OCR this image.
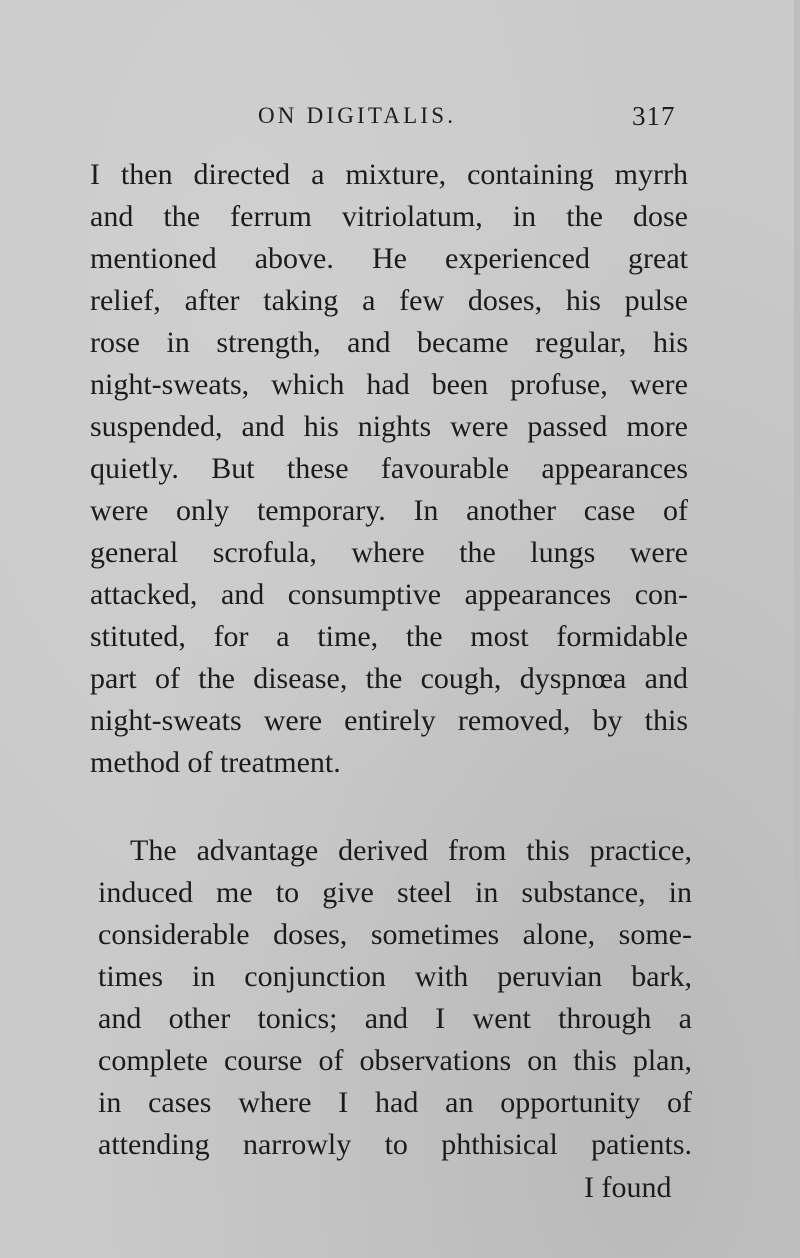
ON DIGITALIS.	317
I then directed a mixture, containing myrrh
and the ferrum vitriolatum, in the dose
mentioned above. He experienced great
relief, after taking a few doses, his pulse
rose in strength, and became regular, his
night-sweats, which had been profuse, were
suspended, and his nights were passed more
quietly. But these favourable appearances
were only temporary. In another case of
general scrofula, where the lungs were
attacked, and consumptive appearances con-
stituted, for a time, the most formidable
part of the disease, the cough, dyspnœa and
night-sweats were entirely removed, by this
method of treatment.
The advantage derived from this practice,
induced me to give steel in substance, in
considerable doses, sometimes alone, some-
times in conjunction with peruvian bark,
and other tonics; and I went through a
complete course of observations on this plan,
in cases where I had an opportunity of
attending narrowly to phthisical patients.
I found
